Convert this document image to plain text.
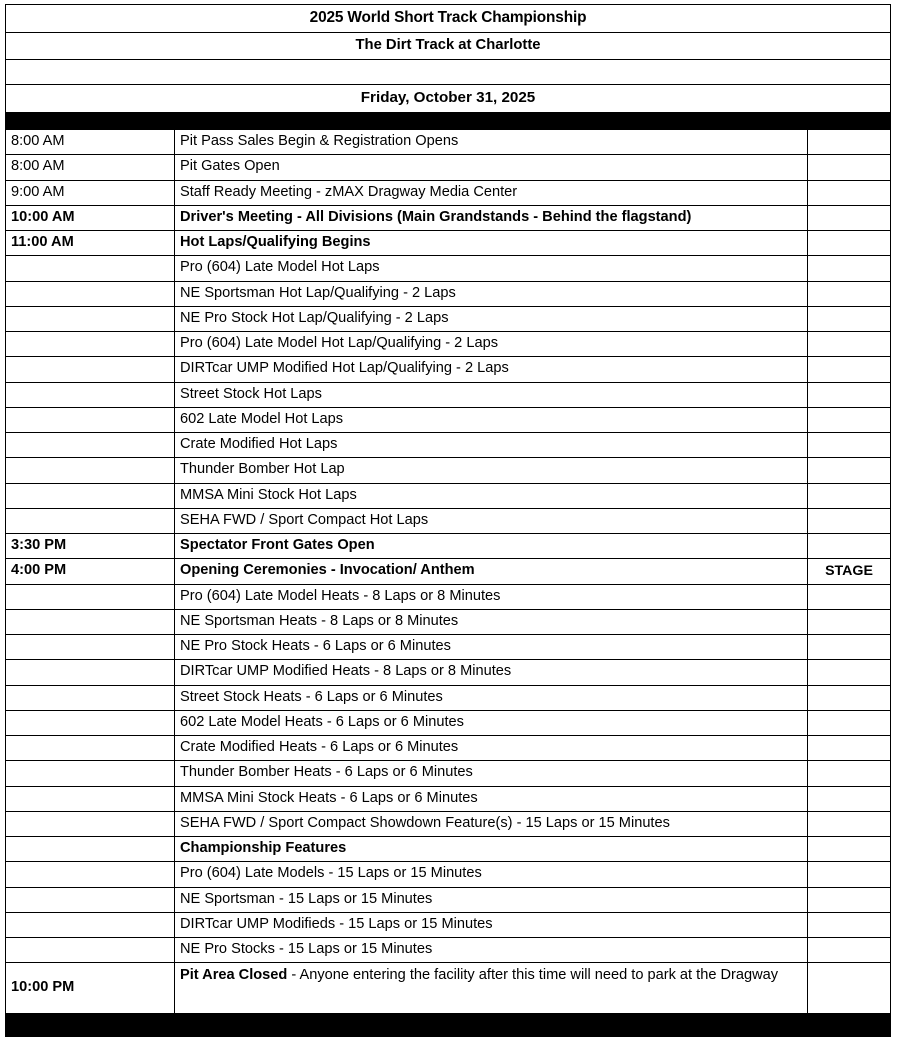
2025 World Short Track Championship		
The Dirt Track at Charlotte		

Friday, October 31, 2025		

8:00 AM	Pit Pass Sales Begin & Registration Opens	
8:00 AM	Pit Gates Open	
9:00 AM	Staff Ready Meeting - zMAX Dragway Media Center	
10:00 AM	Driver's Meeting - All Divisions (Main Grandstands - Behind the flagstand)	
11:00 AM	Hot Laps/Qualifying Begins	
	Pro (604) Late Model Hot Laps	
	NE Sportsman Hot Lap/Qualifying - 2 Laps	
	NE Pro Stock Hot Lap/Qualifying - 2 Laps	
	Pro (604) Late Model Hot Lap/Qualifying - 2 Laps	
	DIRTcar UMP Modified Hot Lap/Qualifying - 2 Laps	
	Street Stock Hot Laps	
	602 Late Model Hot Laps	
	Crate Modified Hot Laps	
	Thunder Bomber Hot Lap	
	MMSA Mini Stock Hot Laps	
	SEHA FWD / Sport Compact Hot Laps	
3:30 PM	Spectator Front Gates Open	
4:00 PM	Opening Ceremonies - Invocation/ Anthem	STAGE
	Pro (604) Late Model Heats - 8 Laps or 8 Minutes	
	NE Sportsman Heats - 8 Laps or 8 Minutes	
	NE Pro Stock Heats - 6 Laps or 6 Minutes	
	DIRTcar UMP Modified Heats - 8 Laps or 8 Minutes	
	Street Stock Heats - 6 Laps or 6 Minutes	
	602 Late Model Heats - 6 Laps or 6 Minutes	
	Crate Modified Heats - 6 Laps or 6 Minutes	
	Thunder Bomber Heats - 6 Laps or 6 Minutes	
	MMSA Mini Stock Heats - 6 Laps or 6 Minutes	
	SEHA FWD / Sport Compact Showdown Feature(s) - 15 Laps or 15 Minutes	
	Championship Features	
	Pro (604) Late Models - 15 Laps or 15 Minutes	
	NE Sportsman - 15 Laps or 15 Minutes	
	DIRTcar UMP Modifieds - 15 Laps or 15 Minutes	
	NE Pro Stocks - 15 Laps or 15 Minutes	
10:00 PM	Pit Area Closed - Anyone entering the facility after this time will need to park at the Dragway	
